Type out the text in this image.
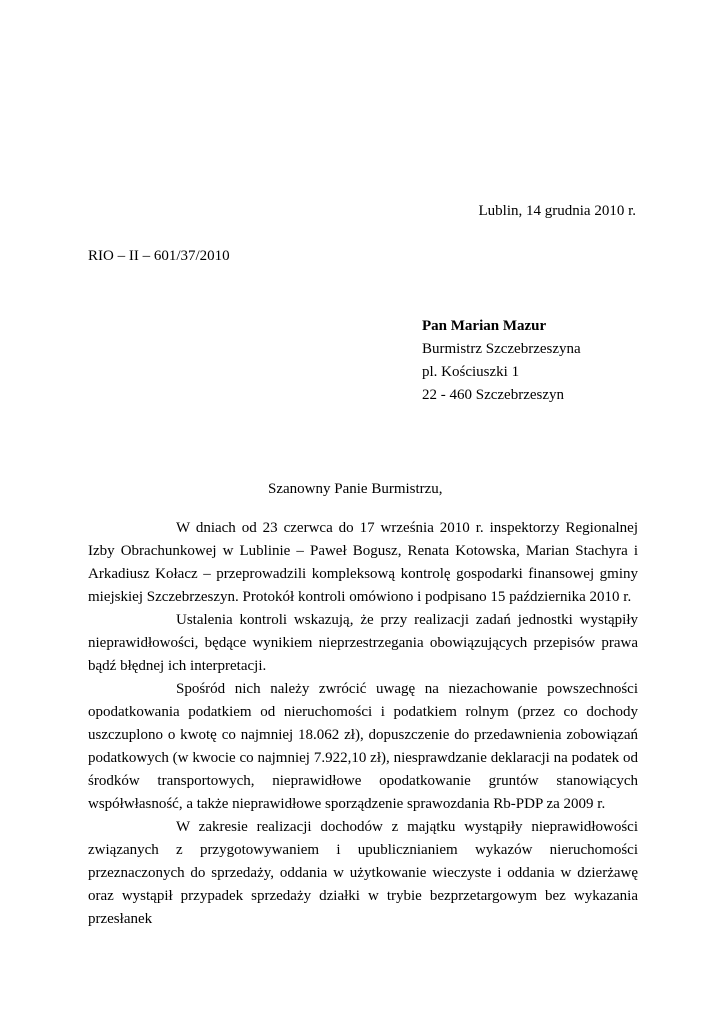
Lublin, 14 grudnia 2010 r.
RIO – II – 601/37/2010
Pan Marian Mazur
Burmistrz Szczebrzeszyna
pl. Kościuszki 1
22 - 460 Szczebrzeszyn
Szanowny Panie Burmistrzu,

W dniach od 23 czerwca do 17 września 2010 r. inspektorzy Regionalnej Izby Obrachunkowej w Lublinie – Paweł Bogusz, Renata Kotowska, Marian Stachyra i Arkadiusz Kołacz – przeprowadzili kompleksową kontrolę gospodarki finansowej gminy miejskiej Szczebrzeszyn. Protokół kontroli omówiono i podpisano 15 października 2010 r.

Ustalenia kontroli wskazują, że przy realizacji zadań jednostki wystąpiły nieprawidłowości, będące wynikiem nieprzestrzegania obowiązujących przepisów prawa bądź błędnej ich interpretacji.

Spośród nich należy zwrócić uwagę na niezachowanie powszechności opodatkowania podatkiem od nieruchomości i podatkiem rolnym (przez co dochody uszczuplono o kwotę co najmniej 18.062 zł), dopuszczenie do przedawnienia zobowiązań podatkowych (w kwocie co najmniej 7.922,10 zł), niesprawdzanie deklaracji na podatek od środków transportowych, nieprawidłowe opodatkowanie gruntów stanowiących współwłasność, a także nieprawidłowe sporządzenie sprawozdania Rb-PDP za 2009 r.

W zakresie realizacji dochodów z majątku wystąpiły nieprawidłowości związanych z przygotowywaniem i upublicznianiem wykazów nieruchomości przeznaczonych do sprzedaży, oddania w użytkowanie wieczyste i oddania w dzierżawę oraz wystąpił przypadek sprzedaży działki w trybie bezprzetargowym bez wykazania przesłanek
